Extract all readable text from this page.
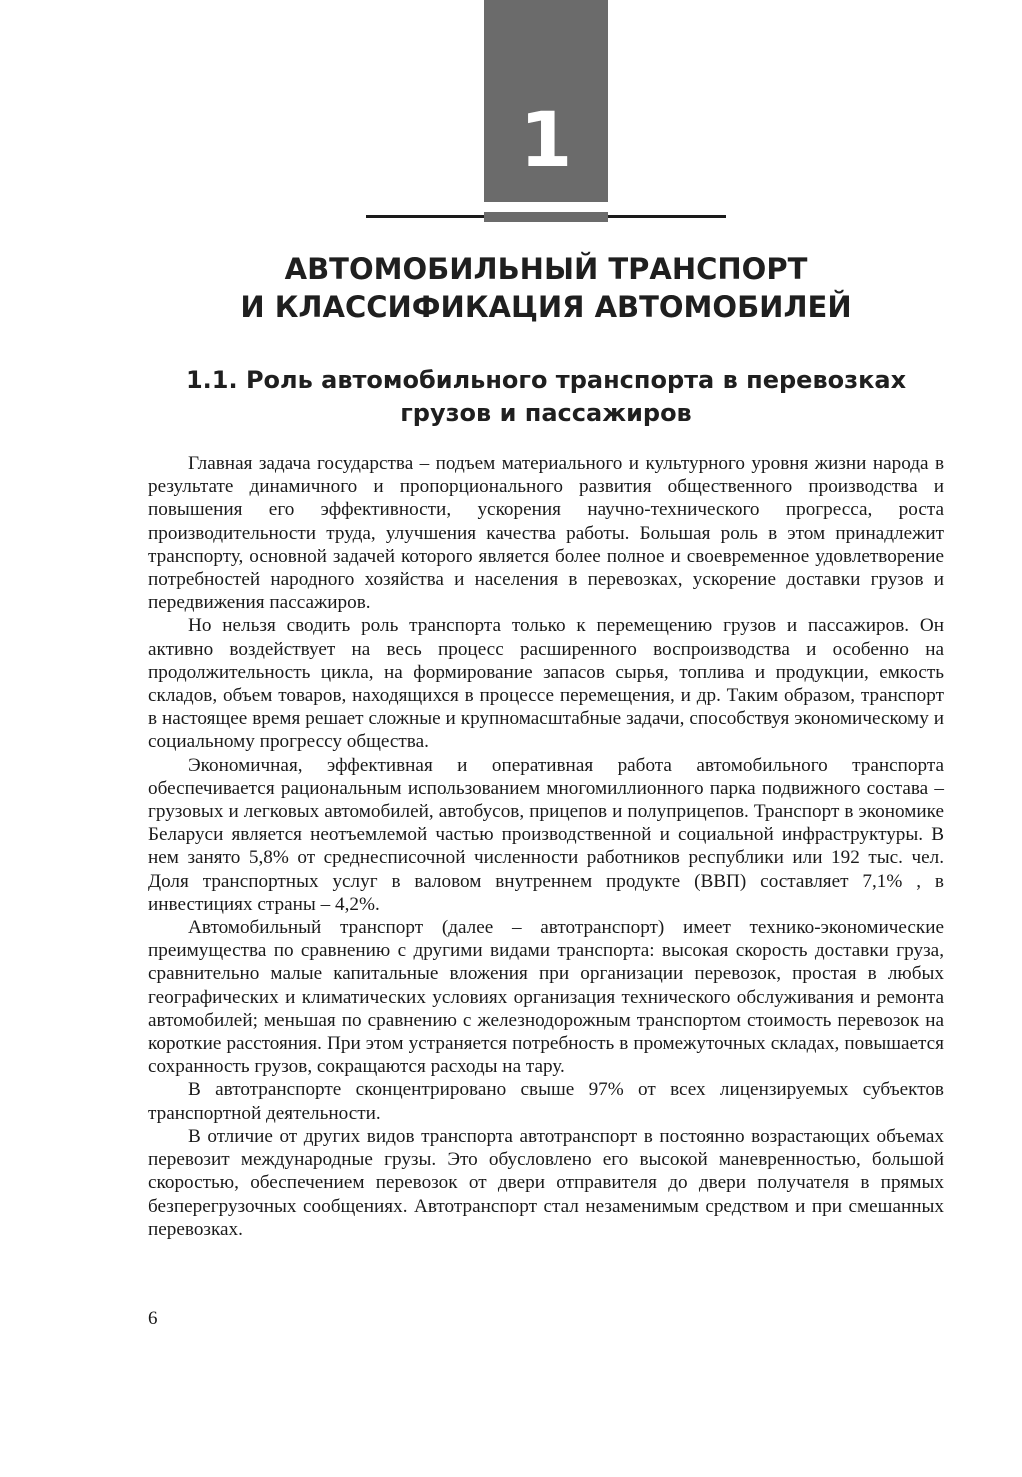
1
АВТОМОБИЛЬНЫЙ ТРАНСПОРТ
И КЛАССИФИКАЦИЯ АВТОМОБИЛЕЙ
1.1. Роль автомобильного транспорта в перевозках
грузов и пассажиров

Главная задача государства – подъем материального и культурного уровня жизни народа в результате динамичного и пропорционального развития общественного производства и повышения его эффективности, ускорения научно-технического прогресса, роста производительности труда, улучшения качества работы. Большая роль в этом принадлежит транспорту, основной задачей которого является более полное и своевременное удовлетворение потребностей народного хозяйства и населения в перевозках, ускорение доставки грузов и передвижения пассажиров.

Но нельзя сводить роль транспорта только к перемещению грузов и пассажиров. Он активно воздействует на весь процесс расширенного воспроизводства и особенно на продолжительность цикла, на формирование запасов сырья, топлива и продукции, емкость складов, объем товаров, находящихся в процессе перемещения, и др. Таким образом, транспорт в настоящее время решает сложные и крупномасштабные задачи, способствуя экономическому и социальному прогрессу общества.

Экономичная, эффективная и оперативная работа автомобильного транспорта обеспечивается рациональным использованием многомиллионного парка подвижного состава – грузовых и легковых автомобилей, автобусов, прицепов и полуприцепов. Транспорт в экономике Беларуси является неотъемлемой частью производственной и социальной инфраструктуры. В нем занято 5,8% от среднесписочной численности работников республики или 192 тыс. чел. Доля транспортных услуг в валовом внутреннем продукте (ВВП) составляет 7,1% , в инвестициях страны – 4,2%.

Автомобильный транспорт (далее – автотранспорт) имеет технико-экономические преимущества по сравнению с другими видами транспорта: высокая скорость доставки груза, сравнительно малые капитальные вложения при организации перевозок, простая в любых географических и климатических условиях организация технического обслуживания и ремонта автомобилей; меньшая по сравнению с железнодорожным транспортом стоимость перевозок на короткие расстояния. При этом устраняется потребность в промежуточных складах, повышается сохранность грузов, сокращаются расходы на тару.

В автотранспорте сконцентрировано свыше 97% от всех лицензируемых субъектов транспортной деятельности.

В отличие от других видов транспорта автотранспорт в постоянно возрастающих объемах перевозит международные грузы. Это обусловлено его высокой маневренностью, большой скоростью, обеспечением перевозок от двери отправителя до двери получателя в прямых безперегрузочных сообщениях. Автотранспорт стал незаменимым средством и при смешанных перевозках.

6
